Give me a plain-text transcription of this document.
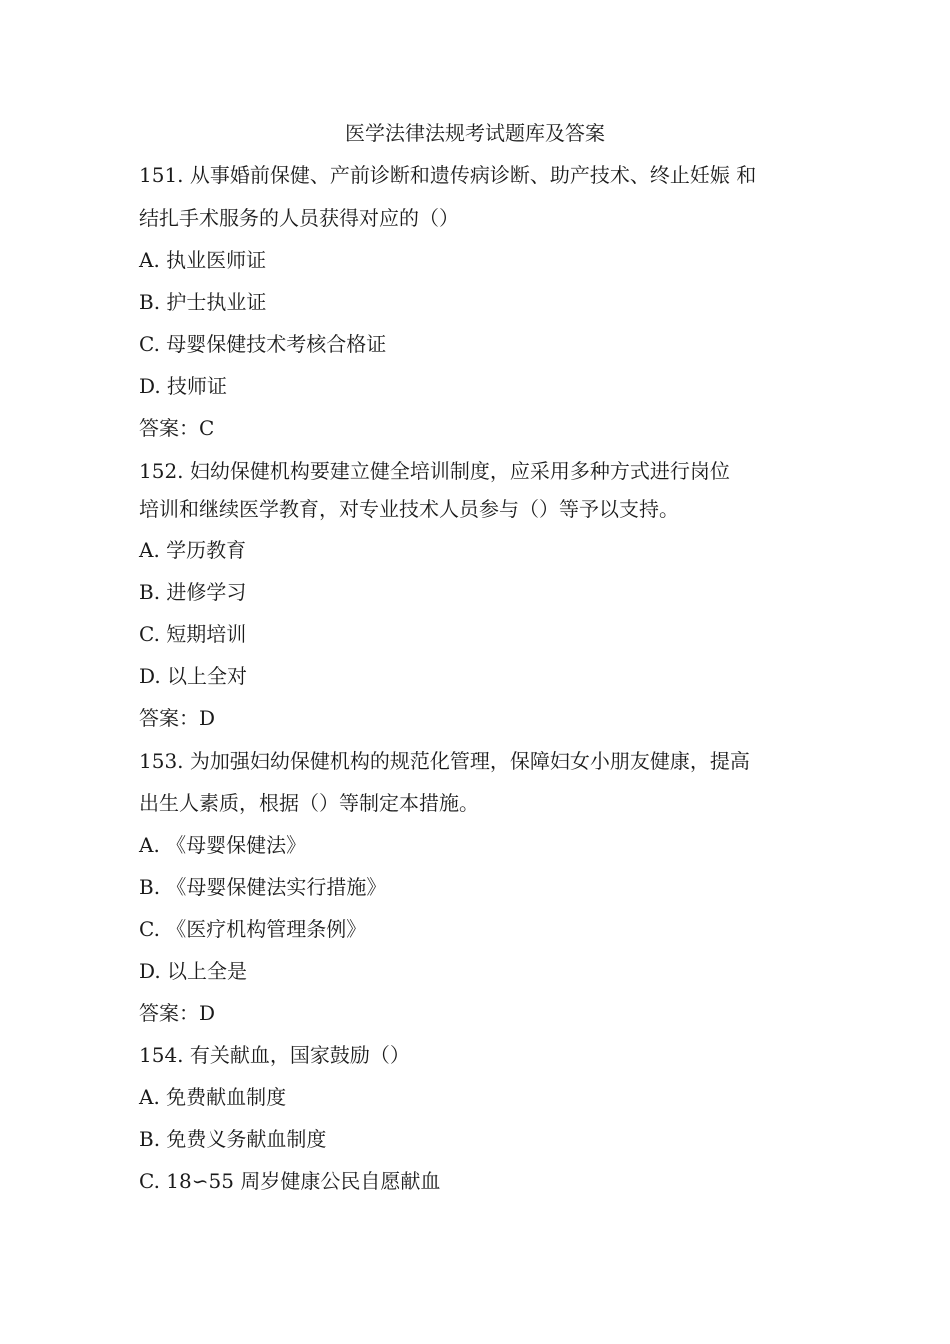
医学法律法规考试题库及答案
151. 从事婚前保健、产前诊断和遗传病诊断、助产技术、终止妊娠 和
结扎手术服务的人员获得对应的（）
A. 执业医师证
B. 护士执业证
C. 母婴保健技术考核合格证
D. 技师证
答案：C
152. 妇幼保健机构要建立健全培训制度，应采用多种方式进行岗位
培训和继续医学教育，对专业技术人员参与（）等予以支持。
A. 学历教育
B. 进修学习
C. 短期培训
D. 以上全对
答案：D
153. 为加强妇幼保健机构的规范化管理，保障妇女小朋友健康，提高
出生人素质，根据（）等制定本措施。
A. 《母婴保健法》
B. 《母婴保健法实行措施》
C. 《医疗机构管理条例》
D. 以上全是
答案：D
154. 有关献血，国家鼓励（）
A. 免费献血制度
B. 免费义务献血制度
C. 18∽55 周岁健康公民自愿献血
